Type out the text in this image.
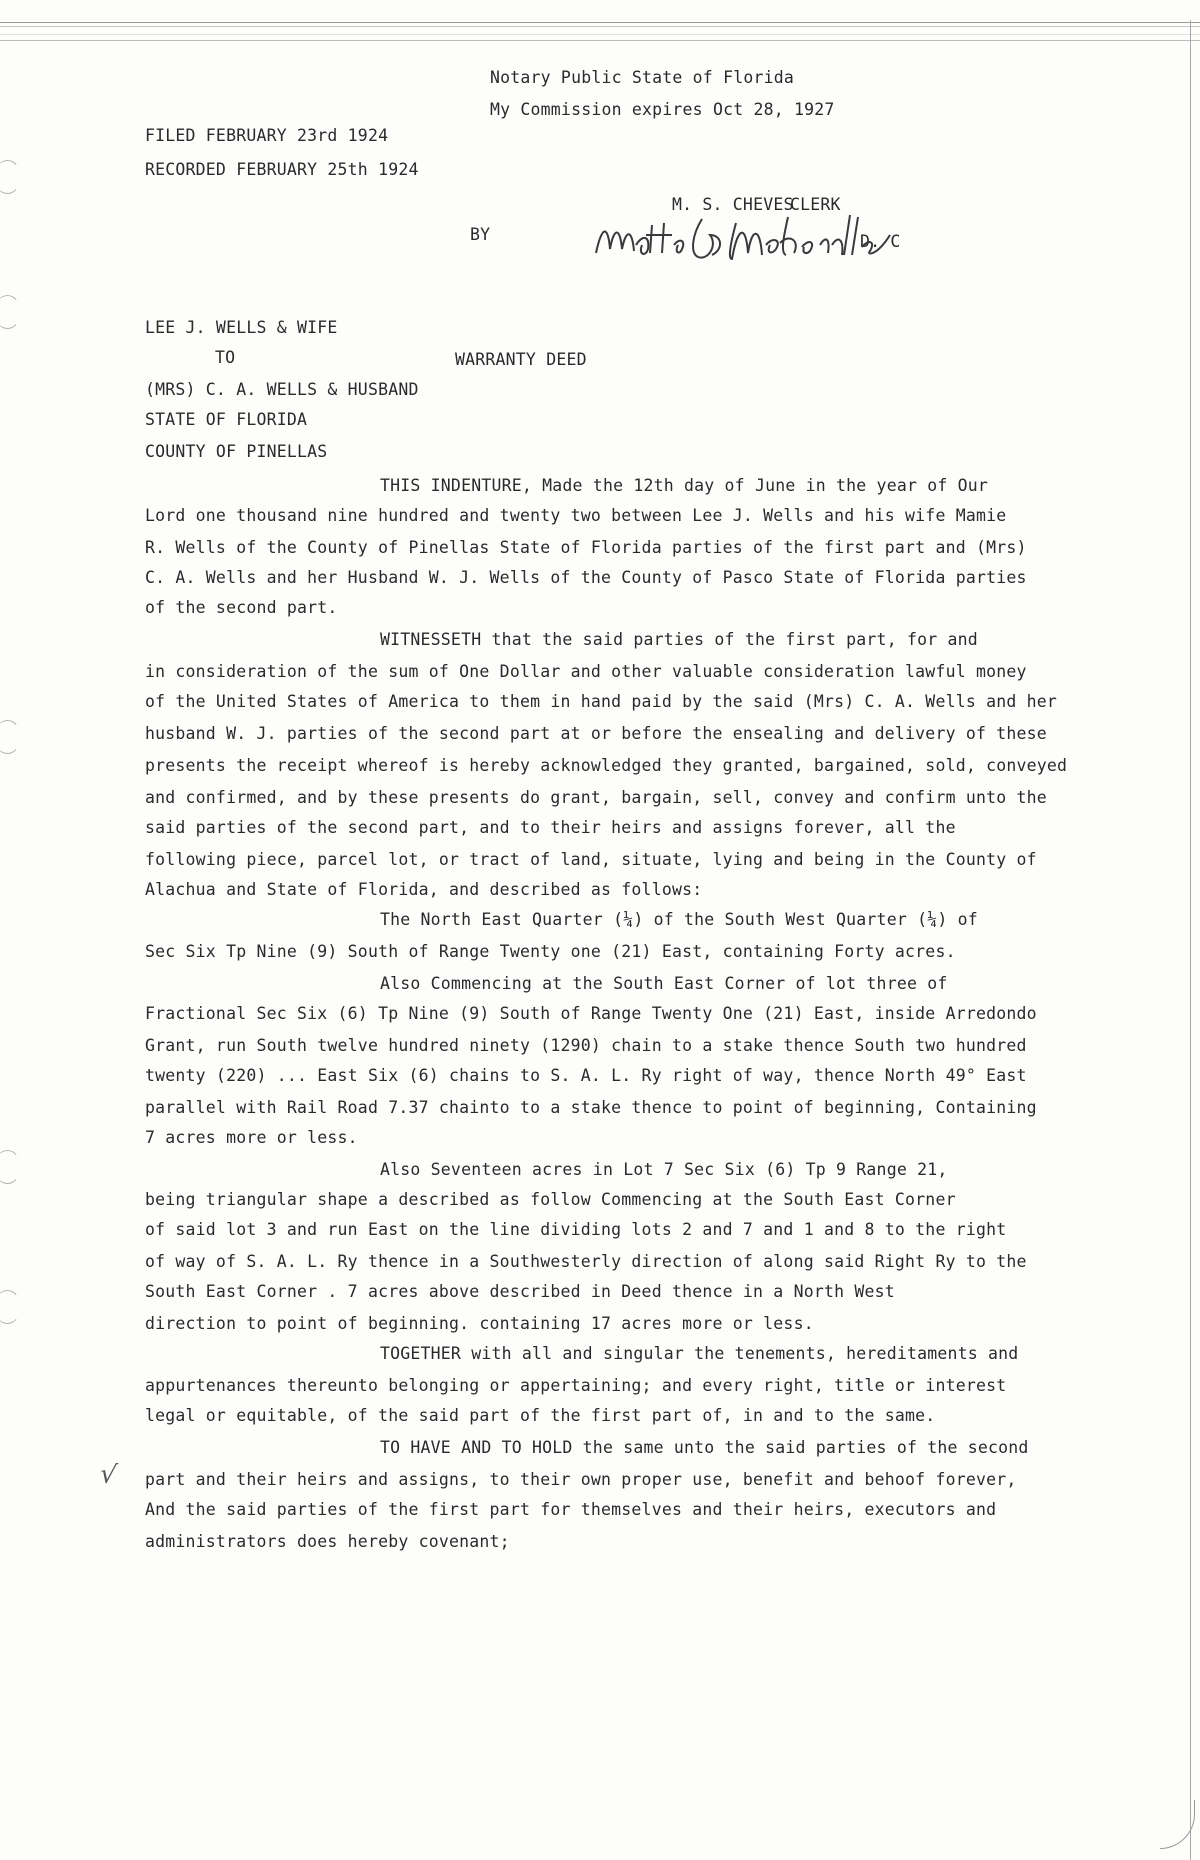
Notary Public State of Florida
My Commission expires Oct 28, 1927
FILED FEBRUARY 23rd 1924
RECORDED FEBRUARY 25th 1924
M. S. CHEVES
CLERK
BY	D. C
LEE J. WELLS & WIFE
TO	WARRANTY DEED
(MRS) C. A. WELLS & HUSBAND
STATE OF FLORIDA
COUNTY OF PINELLAS
THIS INDENTURE, Made the 12th day of June in the year of Our
Lord one thousand nine hundred and twenty two between Lee J. Wells and his wife Mamie
R. Wells of the County of Pinellas State of Florida parties of the first part and (Mrs)
C. A. Wells and her Husband W. J. Wells of the County of Pasco State of Florida parties
of the second part.
WITNESSETH that the said parties of the first part, for and
in consideration of the sum of One Dollar and other valuable consideration lawful money
of the United States of America to them in hand paid by the said (Mrs) C. A. Wells and her
husband W. J. parties of the second part at or before the ensealing and delivery of these
presents the receipt whereof is hereby acknowledged they granted, bargained, sold, conveyed
and confirmed, and by these presents do grant, bargain, sell, convey and confirm unto the
said parties of the second part, and to their heirs and assigns forever, all the
following piece, parcel lot, or tract of land, situate, lying and being in the County of
Alachua and State of Florida, and described as follows:
The North East Quarter (¼) of the South West Quarter (¼) of
Sec Six Tp Nine (9) South of Range Twenty one (21) East, containing Forty acres.
Also Commencing at the South East Corner of lot three of
Fractional Sec Six (6) Tp Nine (9) South of Range Twenty One (21) East, inside Arredondo
Grant, run South twelve hundred ninety (1290) chain to a stake thence South two hundred
twenty (220) ... East Six (6) chains to S. A. L. Ry right of way, thence North 49° East
parallel with Rail Road 7.37 chainto to a stake thence to point of beginning, Containing
7 acres more or less.
Also Seventeen acres in Lot 7 Sec Six (6) Tp 9 Range 21,
being triangular shape a described as follow Commencing at the South East Corner
of said lot 3 and run East on the line dividing lots 2 and 7 and 1 and 8 to the right
of way of S. A. L. Ry thence in a Southwesterly direction of along said Right Ry to the
South East Corner . 7 acres above described in Deed thence in a North West
direction to point of beginning. containing 17 acres more or less.
TOGETHER with all and singular the tenements, hereditaments and
appurtenances thereunto belonging or appertaining; and every right, title or interest
legal or equitable, of the said part of the first part of, in and to the same.
TO HAVE AND TO HOLD the same unto the said parties of the second
part and their heirs and assigns, to their own proper use, benefit and behoof forever,
And the said parties of the first part for themselves and their heirs, executors and
administrators does hereby covenant;
√
